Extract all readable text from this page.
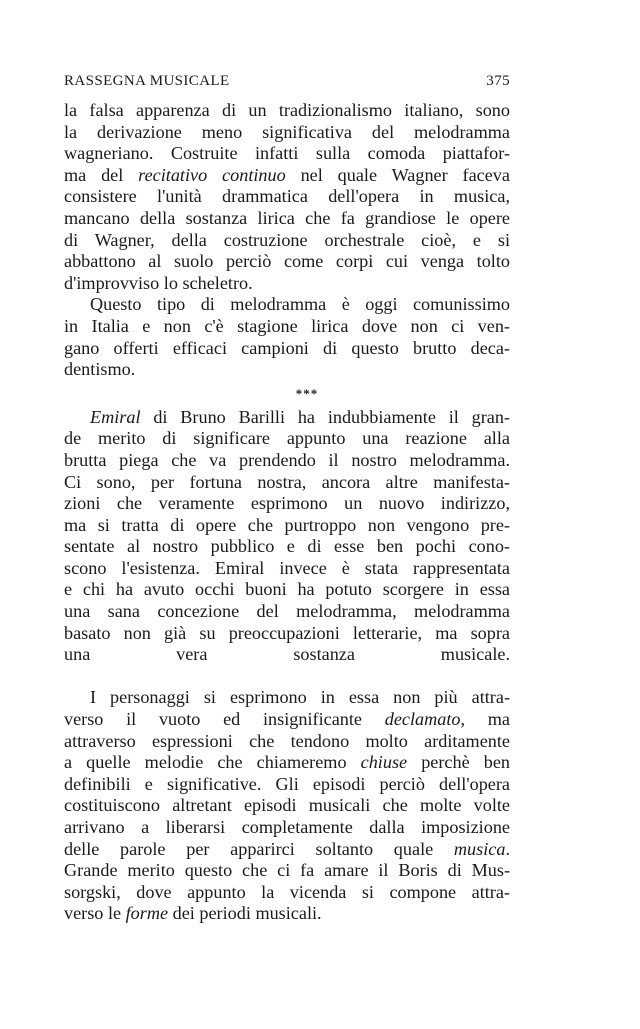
RASSEGNA MUSICALE	375
la falsa apparenza di un tradizionalismo italiano, sono
la derivazione meno significativa del melodramma
wagneriano. Costruite infatti sulla comoda piattafor-
ma del recitativo continuo nel quale Wagner faceva
consistere l'unità drammatica dell'opera in musica,
mancano della sostanza lirica che fa grandiose le opere
di Wagner, della costruzione orchestrale cioè, e si
abbattono al suolo perciò come corpi cui venga tolto
d'improvviso lo scheletro.
Questo tipo di melodramma è oggi comunissimo
in Italia e non c'è stagione lirica dove non ci ven-
gano offerti efficaci campioni di questo brutto deca-
dentismo.
***
Emiral di Bruno Barilli ha indubbiamente il gran-
de merito di significare appunto una reazione alla
brutta piega che va prendendo il nostro melodramma.
Ci sono, per fortuna nostra, ancora altre manifesta-
zioni che veramente esprimono un nuovo indirizzo,
ma si tratta di opere che purtroppo non vengono pre-
sentate al nostro pubblico e di esse ben pochi cono-
scono l'esistenza. Emiral invece è stata rappresentata
e chi ha avuto occhi buoni ha potuto scorgere in essa
una sana concezione del melodramma, melodramma
basato non già su preoccupazioni letterarie, ma sopra
una vera sostanza musicale.
I personaggi si esprimono in essa non più attra-
verso il vuoto ed insignificante declamato, ma
attraverso espressioni che tendono molto arditamente
a quelle melodie che chiameremo chiuse perchè ben
definibili e significative. Gli episodi perciò dell'opera
costituiscono altretant episodi musicali che molte volte
arrivano a liberarsi completamente dalla imposizione
delle parole per apparirci soltanto quale musica.
Grande merito questo che ci fa amare il Boris di Mus-
sorgski, dove appunto la vicenda si compone attra-
verso le forme dei periodi musicali.
